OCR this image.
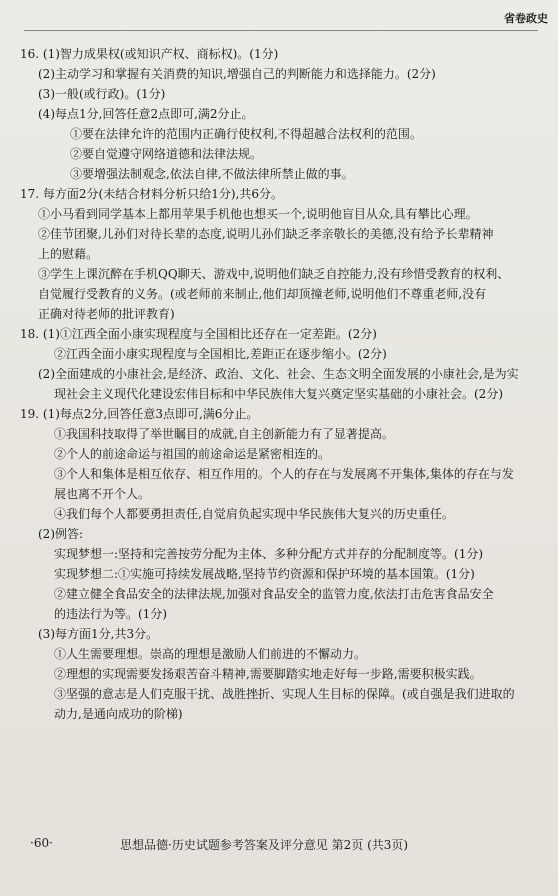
省卷政史
16. (1)智力成果权(或知识产权、商标权)。(1分)
(2)主动学习和掌握有关消费的知识,增强自己的判断能力和选择能力。(2分)
(3)一般(或行政)。(1分)
(4)每点1分,回答任意2点即可,满2分止。
①要在法律允许的范围内正确行使权利,不得超越合法权利的范围。
②要自觉遵守网络道德和法律法规。
③要增强法制观念,依法自律,不做法律所禁止做的事。
17. 每方面2分(未结合材料分析只给1分),共6分。
①小马看到同学基本上都用苹果手机他也想买一个,说明他盲目从众,具有攀比心理。
②佳节团聚,儿孙们对待长辈的态度,说明儿孙们缺乏孝亲敬长的美德,没有给予长辈精神
上的慰藉。
③学生上课沉醉在手机QQ聊天、游戏中,说明他们缺乏自控能力,没有珍惜受教育的权利、
自觉履行受教育的义务。(或老师前来制止,他们却顶撞老师,说明他们不尊重老师,没有
正确对待老师的批评教育)
18. (1)①江西全面小康实现程度与全国相比还存在一定差距。(2分)
②江西全面小康实现程度与全国相比,差距正在逐步缩小。(2分)
(2)全面建成的小康社会,是经济、政治、文化、社会、生态文明全面发展的小康社会,是为实
现社会主义现代化建设宏伟目标和中华民族伟大复兴奠定坚实基础的小康社会。(2分)
19. (1)每点2分,回答任意3点即可,满6分止。
①我国科技取得了举世瞩目的成就,自主创新能力有了显著提高。
②个人的前途命运与祖国的前途命运是紧密相连的。
③个人和集体是相互依存、相互作用的。个人的存在与发展离不开集体,集体的存在与发
展也离不开个人。
④我们每个人都要勇担责任,自觉肩负起实现中华民族伟大复兴的历史重任。
(2)例答:
实现梦想一:坚持和完善按劳分配为主体、多种分配方式并存的分配制度等。(1分)
实现梦想二:①实施可持续发展战略,坚持节约资源和保护环境的基本国策。(1分)
②建立健全食品安全的法律法规,加强对食品安全的监管力度,依法打击危害食品安全
的违法行为等。(1分)
(3)每方面1分,共3分。
①人生需要理想。崇高的理想是激励人们前进的不懈动力。
②理想的实现需要发扬艰苦奋斗精神,需要脚踏实地走好每一步路,需要积极实践。
③坚强的意志是人们克服干扰、战胜挫折、实现人生目标的保障。(或自强是我们进取的
动力,是通向成功的阶梯)
·60·	思想品德·历史试题参考答案及评分意见 第2页 (共3页)
